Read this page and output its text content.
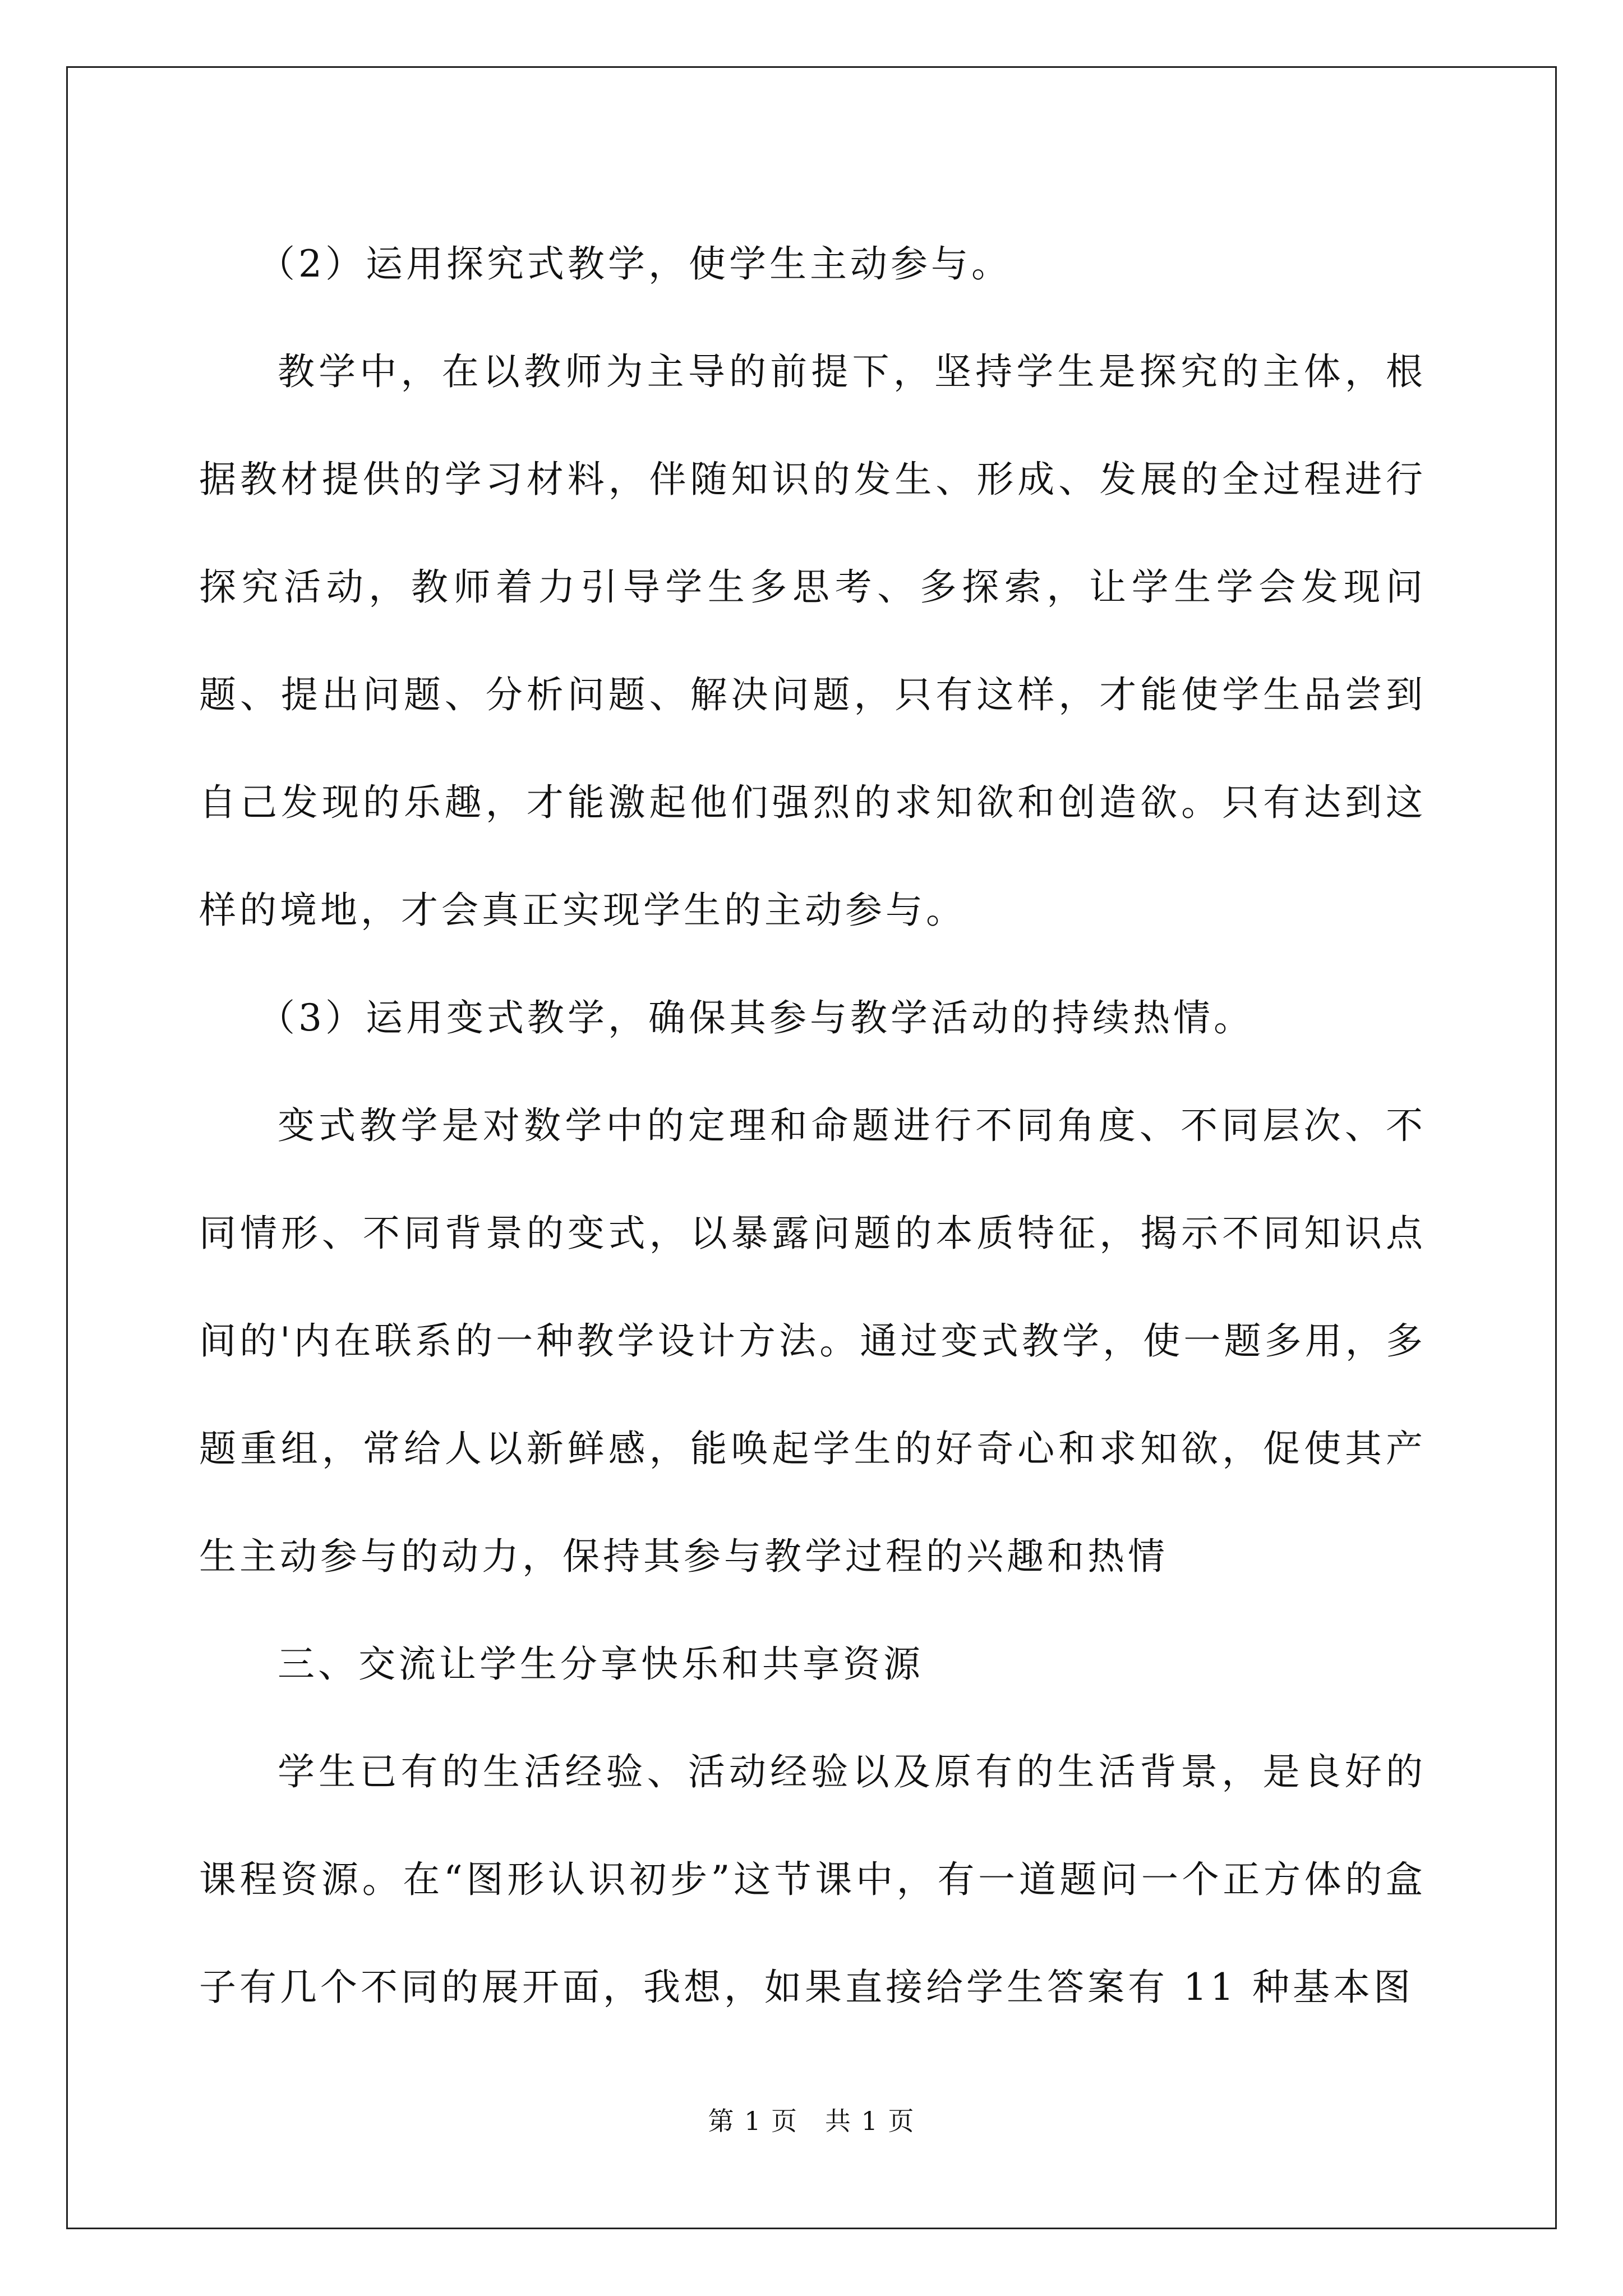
（2）运用探究式教学，使学生主动参与。

教学中，在以教师为主导的前提下，坚持学生是探究的主体，根据教材提供的学习材料，伴随知识的发生、形成、发展的全过程进行探究活动，教师着力引导学生多思考、多探索，让学生学会发现问题、提出问题、分析问题、解决问题，只有这样，才能使学生品尝到自己发现的乐趣，才能激起他们强烈的求知欲和创造欲。只有达到这样的境地，才会真正实现学生的主动参与。

（3）运用变式教学，确保其参与教学活动的持续热情。

变式教学是对数学中的定理和命题进行不同角度、不同层次、不同情形、不同背景的变式，以暴露问题的本质特征，揭示不同知识点间的'内在联系的一种教学设计方法。通过变式教学，使一题多用，多题重组，常给人以新鲜感，能唤起学生的好奇心和求知欲，促使其产生主动参与的动力，保持其参与教学过程的兴趣和热情

三、交流让学生分享快乐和共享资源

学生已有的生活经验、活动经验以及原有的生活背景，是良好的课程资源。在“图形认识初步”这节课中，有一道题问一个正方体的盒子有几个不同的展开面，我想，如果直接给学生答案有 11 种基本图

第 1 页　共 1 页
